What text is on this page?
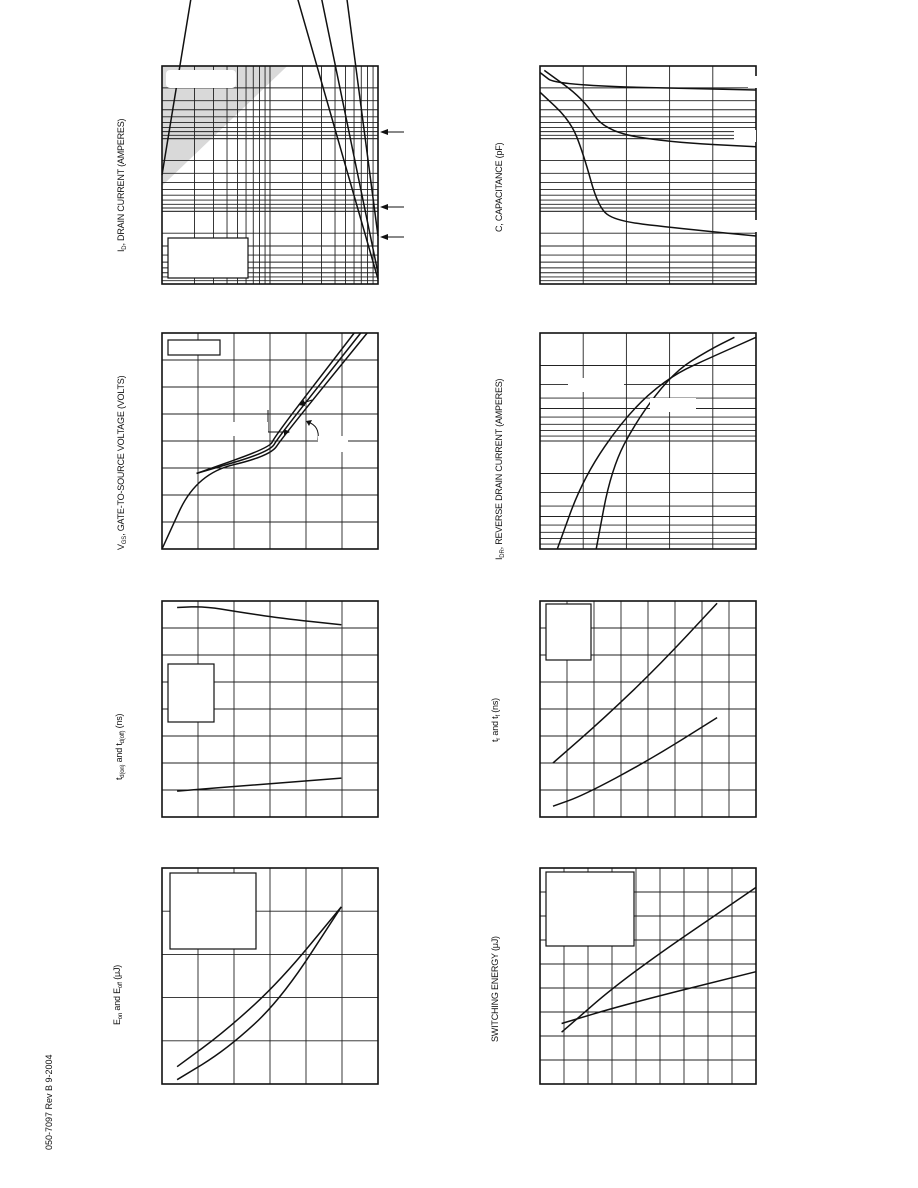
$I_D$, DRAIN CURRENT (AMPERES)
$V_{GS}$, GATE-TO-SOURCE VOLTAGE (VOLTS)
$t_{d(on)}$ and $t_{d(off)}$ (ns)
$E_{on}$ and $E_{off}$ (μJ)
C, CAPACITANCE (pF)
$I_{DR}$, REVERSE DRAIN CURRENT (AMPERES)
$t_r$ and $t_f$ (ns)
SWITCHING ENERGY (μJ)
050-7097 Rev B 9-2004
